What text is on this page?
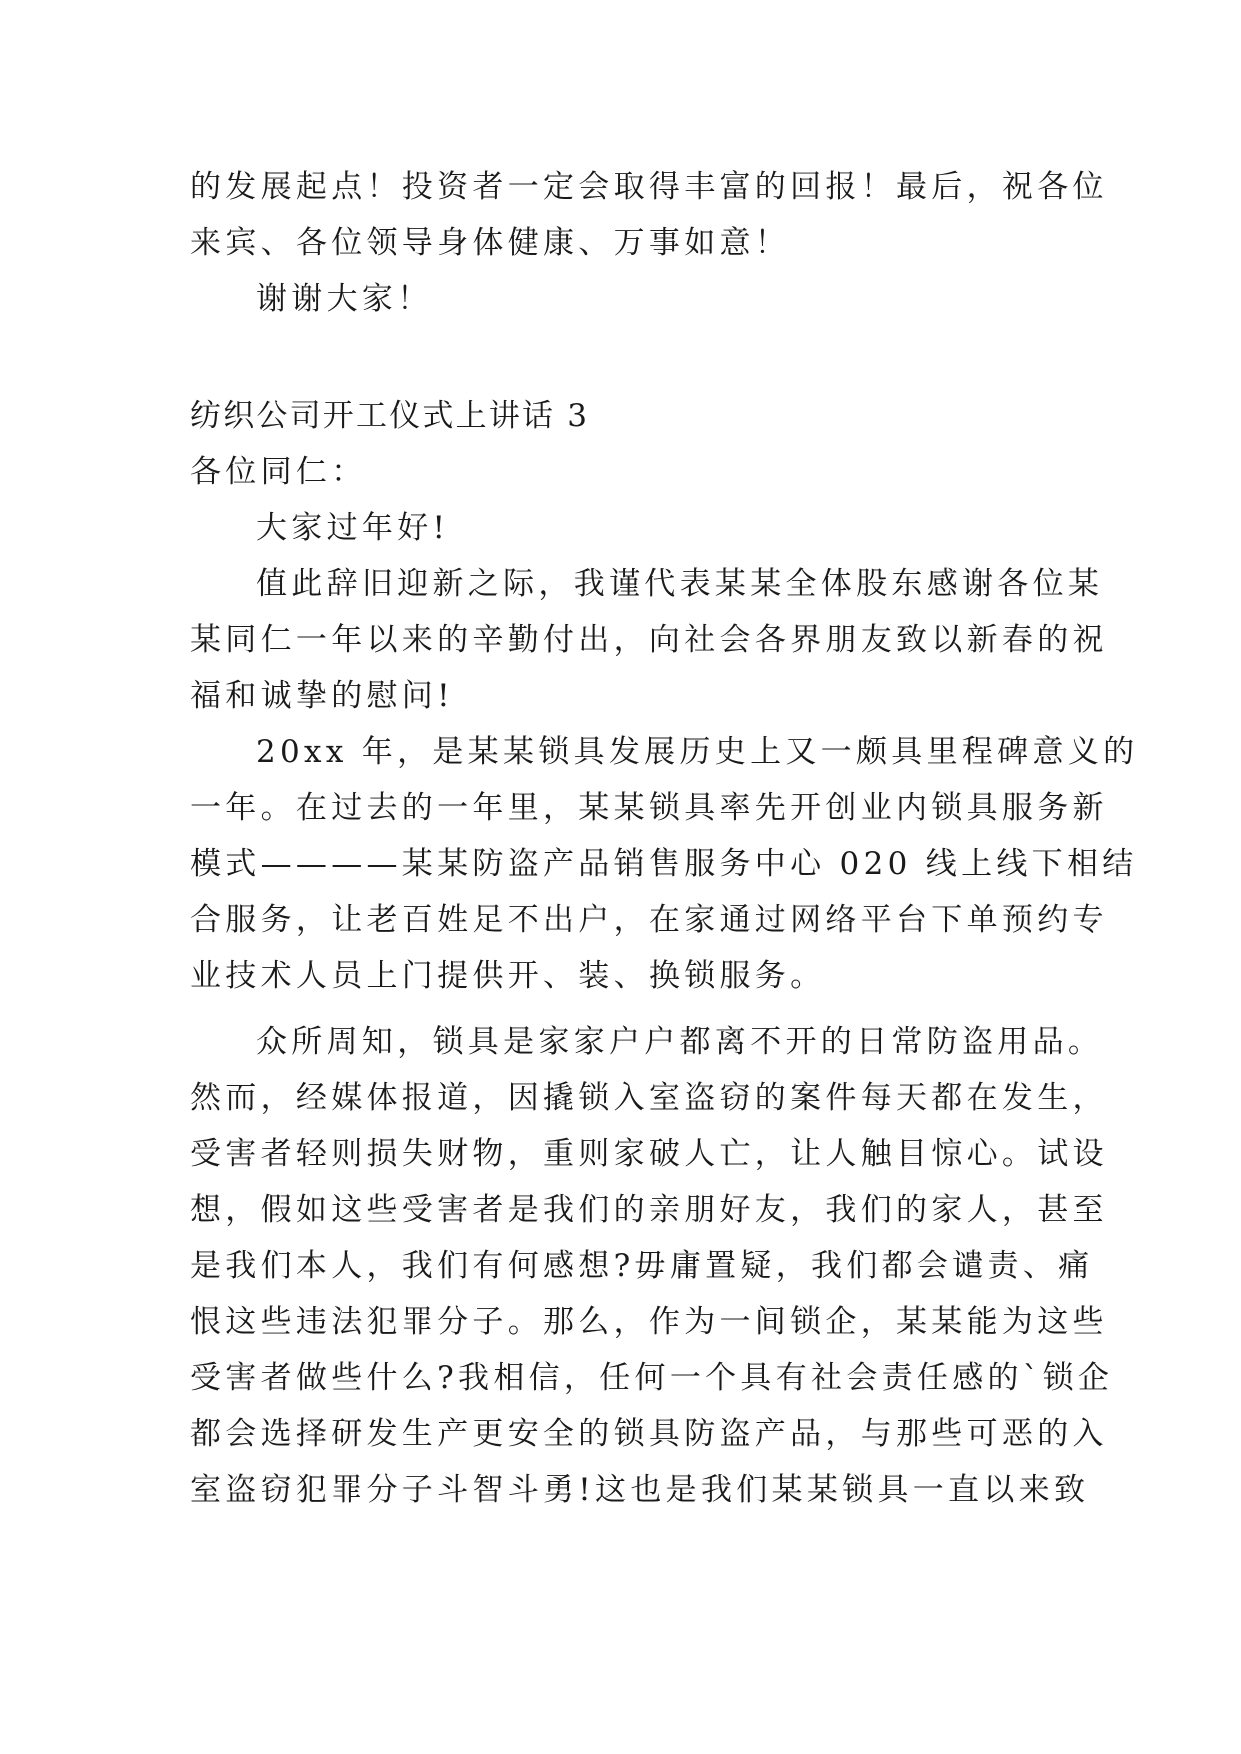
的发展起点！投资者一定会取得丰富的回报！最后，祝各位
来宾、各位领导身体健康、万事如意！
谢谢大家！
纺织公司开工仪式上讲话 3
各位同仁：
大家过年好!
值此辞旧迎新之际，我谨代表某某全体股东感谢各位某
某同仁一年以来的辛勤付出，向社会各界朋友致以新春的祝
福和诚挚的慰问!
20xx 年，是某某锁具发展历史上又一颇具里程碑意义的
一年。在过去的一年里，某某锁具率先开创业内锁具服务新
模式————某某防盗产品销售服务中心 020 线上线下相结
合服务，让老百姓足不出户，在家通过网络平台下单预约专
业技术人员上门提供开、装、换锁服务。
众所周知，锁具是家家户户都离不开的日常防盗用品。
然而，经媒体报道，因撬锁入室盗窃的案件每天都在发生，
受害者轻则损失财物，重则家破人亡，让人触目惊心。试设
想，假如这些受害者是我们的亲朋好友，我们的家人，甚至
是我们本人，我们有何感想?毋庸置疑，我们都会谴责、痛
恨这些违法犯罪分子。那么，作为一间锁企，某某能为这些
受害者做些什么?我相信，任何一个具有社会责任感的`锁企
都会选择研发生产更安全的锁具防盗产品，与那些可恶的入
室盗窃犯罪分子斗智斗勇!这也是我们某某锁具一直以来致
